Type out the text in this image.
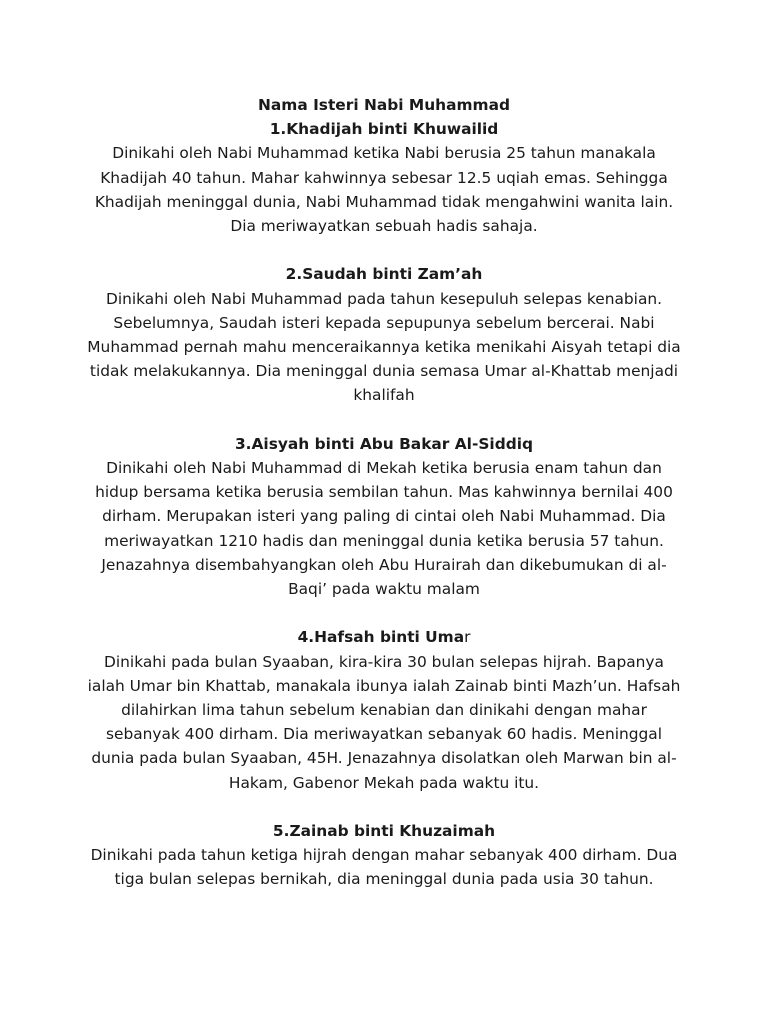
Nama Isteri Nabi Muhammad

1.Khadijah binti Khuwailid

Dinikahi oleh Nabi Muhammad ketika Nabi berusia 25 tahun manakala

Khadijah 40 tahun. Mahar kahwinnya sebesar 12.5 uqiah emas. Sehingga

Khadijah meninggal dunia, Nabi Muhammad tidak mengahwini wanita lain.

Dia meriwayatkan sebuah hadis sahaja.

2.Saudah binti Zam’ah

Dinikahi oleh Nabi Muhammad pada tahun kesepuluh selepas kenabian.

Sebelumnya, Saudah isteri kepada sepupunya sebelum bercerai. Nabi

Muhammad pernah mahu menceraikannya ketika menikahi Aisyah tetapi dia

tidak melakukannya. Dia meninggal dunia semasa Umar al-Khattab menjadi

khalifah

3.Aisyah binti Abu Bakar Al-Siddiq

Dinikahi oleh Nabi Muhammad di Mekah ketika berusia enam tahun dan

hidup bersama ketika berusia sembilan tahun. Mas kahwinnya bernilai 400

dirham. Merupakan isteri yang paling di cintai oleh Nabi Muhammad. Dia

meriwayatkan 1210 hadis dan meninggal dunia ketika berusia 57 tahun.

Jenazahnya disembahyangkan oleh Abu Hurairah dan dikebumukan di al-

Baqi’ pada waktu malam

4.Hafsah binti Umar

Dinikahi pada bulan Syaaban, kira-kira 30 bulan selepas hijrah. Bapanya

ialah Umar bin Khattab, manakala ibunya ialah Zainab binti Mazh’un. Hafsah

dilahirkan lima tahun sebelum kenabian dan dinikahi dengan mahar

sebanyak 400 dirham. Dia meriwayatkan sebanyak 60 hadis. Meninggal

dunia pada bulan Syaaban, 45H. Jenazahnya disolatkan oleh Marwan bin al-

Hakam, Gabenor Mekah pada waktu itu.

5.Zainab binti Khuzaimah

Dinikahi pada tahun ketiga hijrah dengan mahar sebanyak 400 dirham. Dua

tiga bulan selepas bernikah, dia meninggal dunia pada usia 30 tahun.
